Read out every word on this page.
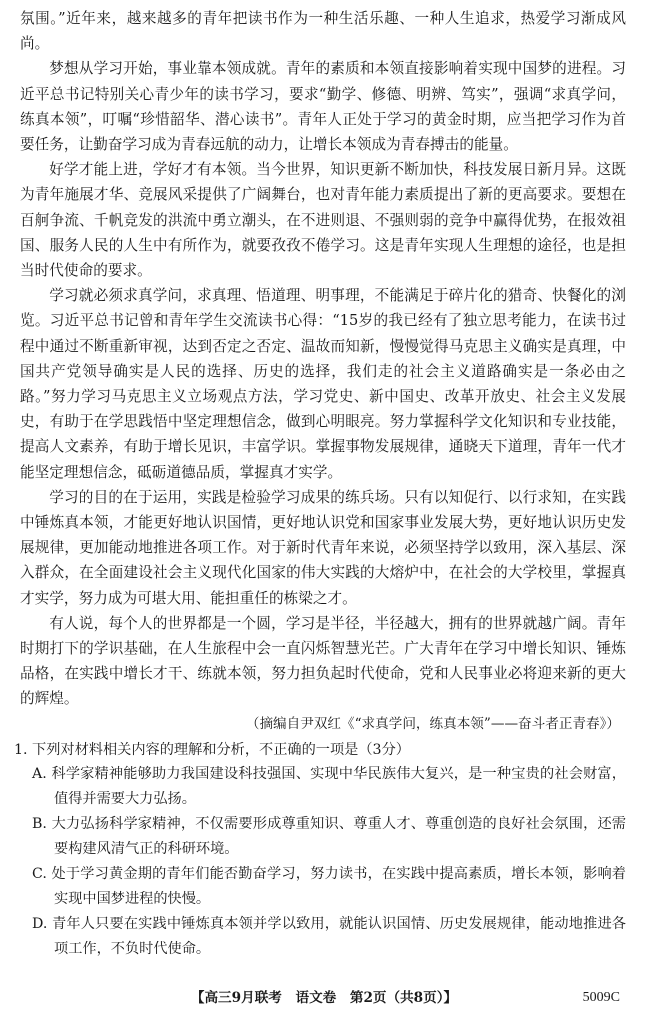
氛围。”近年来，越来越多的青年把读书作为一种生活乐趣、一种人生追求，热爱学习渐成风尚。

梦想从学习开始，事业靠本领成就。青年的素质和本领直接影响着实现中国梦的进程。习近平总书记特别关心青少年的读书学习，要求“勤学、修德、明辨、笃实”，强调“求真学问，练真本领”，叮嘱“珍惜韶华、潜心读书”。青年人正处于学习的黄金时期，应当把学习作为首要任务，让勤奋学习成为青春远航的动力，让增长本领成为青春搏击的能量。

好学才能上进，学好才有本领。当今世界，知识更新不断加快，科技发展日新月异。这既为青年施展才华、竞展风采提供了广阔舞台，也对青年能力素质提出了新的更高要求。要想在百舸争流、千帆竞发的洪流中勇立潮头，在不进则退、不强则弱的竞争中赢得优势，在报效祖国、服务人民的人生中有所作为，就要孜孜不倦学习。这是青年实现人生理想的途径，也是担当时代使命的要求。

学习就必须求真学问，求真理、悟道理、明事理，不能满足于碎片化的猎奇、快餐化的浏览。习近平总书记曾和青年学生交流读书心得：“15岁的我已经有了独立思考能力，在读书过程中通过不断重新审视，达到否定之否定、温故而知新，慢慢觉得马克思主义确实是真理，中国共产党领导确实是人民的选择、历史的选择，我们走的社会主义道路确实是一条必由之路。”努力学习马克思主义立场观点方法，学习党史、新中国史、改革开放史、社会主义发展史，有助于在学思践悟中坚定理想信念，做到心明眼亮。努力掌握科学文化知识和专业技能，提高人文素养，有助于增长见识，丰富学识。掌握事物发展规律，通晓天下道理，青年一代才能坚定理想信念，砥砺道德品质，掌握真才实学。

学习的目的在于运用，实践是检验学习成果的练兵场。只有以知促行、以行求知，在实践中锤炼真本领，才能更好地认识国情，更好地认识党和国家事业发展大势，更好地认识历史发展规律，更加能动地推进各项工作。对于新时代青年来说，必须坚持学以致用，深入基层、深入群众，在全面建设社会主义现代化国家的伟大实践的大熔炉中，在社会的大学校里，掌握真才实学，努力成为可堪大用、能担重任的栋梁之才。

有人说，每个人的世界都是一个圆，学习是半径，半径越大，拥有的世界就越广阔。青年时期打下的学识基础，在人生旅程中会一直闪烁智慧光芒。广大青年在学习中增长知识、锤炼品格，在实践中增长才干、练就本领，努力担负起时代使命，党和人民事业必将迎来新的更大的辉煌。

（摘编自尹双红《“求真学问，练真本领”——奋斗者正青春》）

1. 下列对材料相关内容的理解和分析，不正确的一项是（3分）

A. 科学家精神能够助力我国建设科技强国、实现中华民族伟大复兴，是一种宝贵的社会财富，值得并需要大力弘扬。

B. 大力弘扬科学家精神，不仅需要形成尊重知识、尊重人才、尊重创造的良好社会氛围，还需要构建风清气正的科研环境。

C. 处于学习黄金期的青年们能否勤奋学习，努力读书，在实践中提高素质，增长本领，影响着实现中国梦进程的快慢。

D. 青年人只要在实践中锤炼真本领并学以致用，就能认识国情、历史发展规律，能动地推进各项工作，不负时代使命。

【高三9月联考　语文卷　第2页（共8页）】	5009C
